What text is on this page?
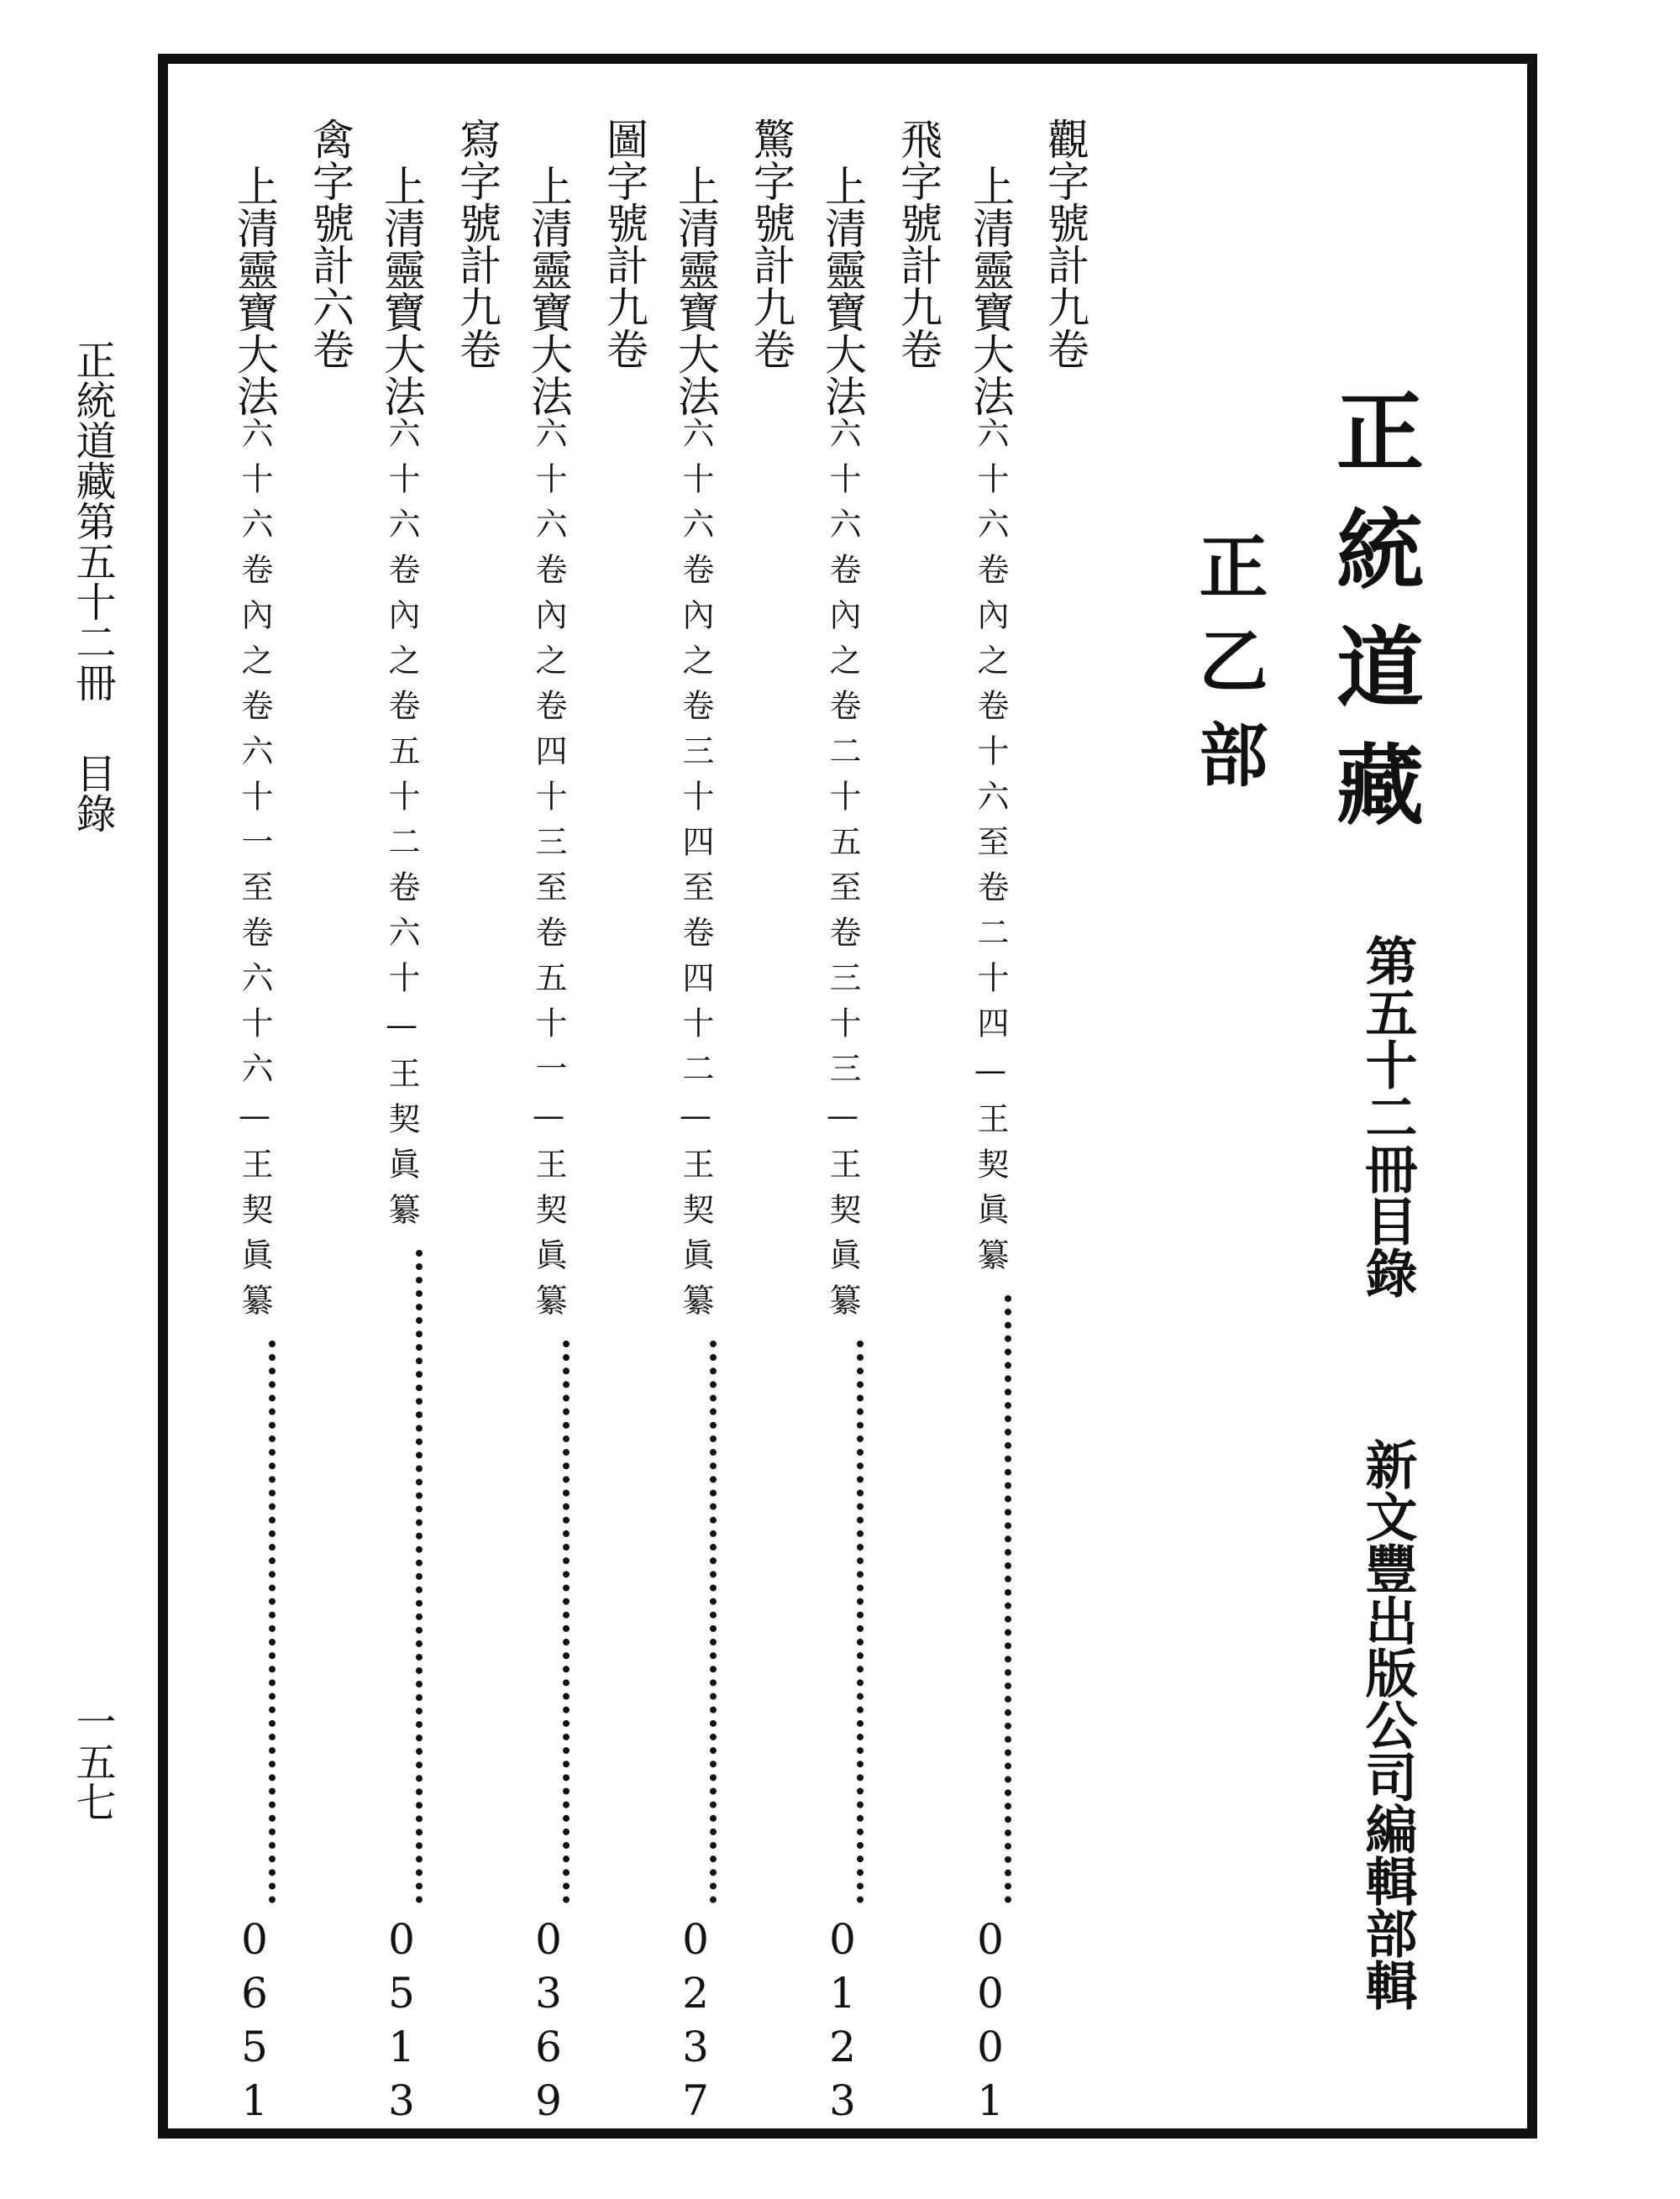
正統道藏
第五十二冊目錄
新文豐出版公司編輯部輯
正乙部
觀字號計九卷
上清靈寶大法
六十六卷內之卷十六至卷二十四—王契眞纂
0001
飛字號計九卷
上清靈寶大法
六十六卷內之卷二十五至卷三十三—王契眞纂
0123
驚字號計九卷
上清靈寶大法
六十六卷內之卷三十四至卷四十二—王契眞纂
0237
圖字號計九卷
上清靈寶大法
六十六卷內之卷四十三至卷五十一—王契眞纂
0369
寫字號計九卷
上清靈寶大法
六十六卷內之卷五十二卷六十—王契眞纂
0513
禽字號計六卷
上清靈寶大法
六十六卷內之卷六十一至卷六十六—王契眞纂
0651
正統道藏第五十二冊目錄
一五七
